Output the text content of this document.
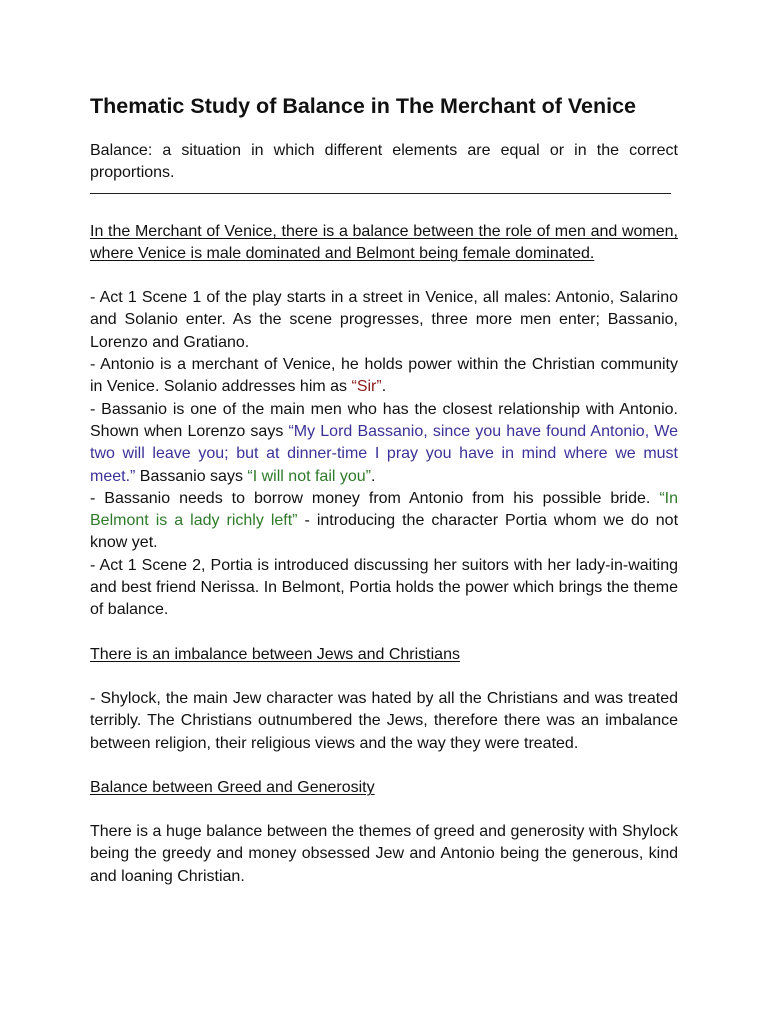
Thematic Study of Balance in The Merchant of Venice

Balance: a situation in which different elements are equal or in the correct proportions.

In the Merchant of Venice, there is a balance between the role of men and women, where Venice is male dominated and Belmont being female dominated.

- Act 1 Scene 1 of the play starts in a street in Venice, all males: Antonio, Salarino and Solanio enter. As the scene progresses, three more men enter; Bassanio, Lorenzo and Gratiano.

- Antonio is a merchant of Venice, he holds power within the Christian community in Venice. Solanio addresses him as “Sir”.

- Bassanio is one of the main men who has the closest relationship with Antonio. Shown when Lorenzo says “My Lord Bassanio, since you have found Antonio, We two will leave you; but at dinner-time I pray you have in mind where we must meet.” Bassanio says “I will not fail you”.

- Bassanio needs to borrow money from Antonio from his possible bride. “In Belmont is a lady richly left” - introducing the character Portia whom we do not know yet.

- Act 1 Scene 2, Portia is introduced discussing her suitors with her lady-in-waiting and best friend Nerissa. In Belmont, Portia holds the power which brings the theme of balance.

There is an imbalance between Jews and Christians

- Shylock, the main Jew character was hated by all the Christians and was treated terribly. The Christians outnumbered the Jews, therefore there was an imbalance between religion, their religious views and the way they were treated.

Balance between Greed and Generosity

There is a huge balance between the themes of greed and generosity with Shylock being the greedy and money obsessed Jew and Antonio being the generous, kind and loaning Christian.
